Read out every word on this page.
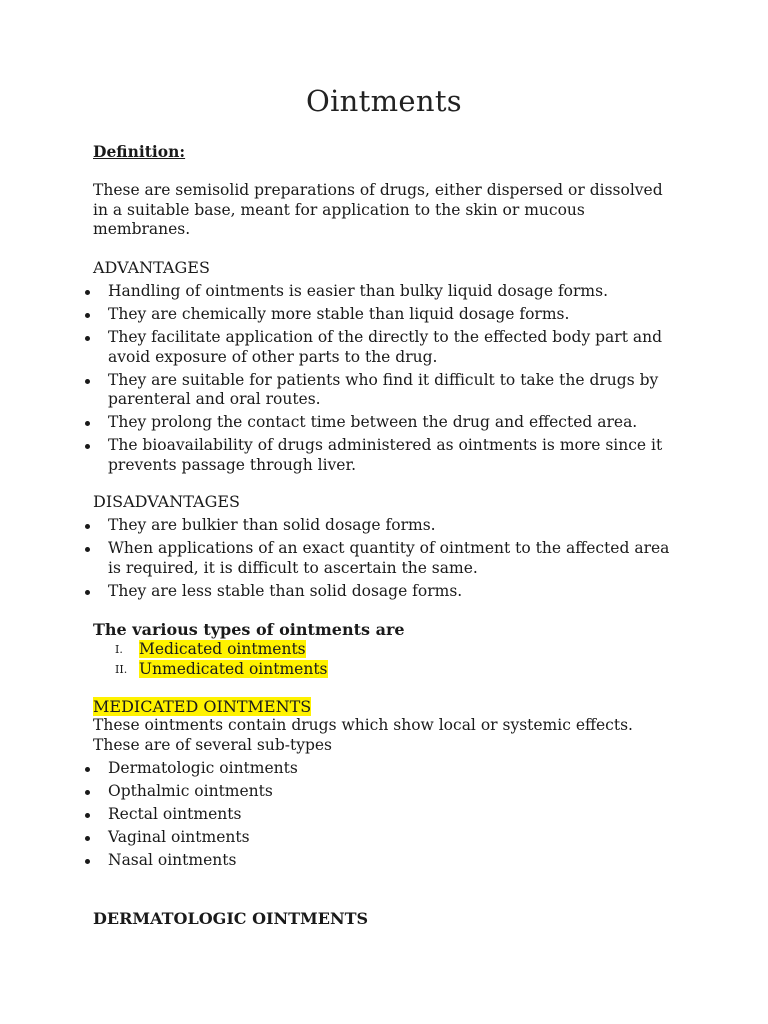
Ointments
Definition:
These are semisolid preparations of drugs, either dispersed or dissolved in a suitable base, meant for application to the skin or mucous membranes.
ADVANTAGES
Handling of ointments is easier than bulky liquid dosage forms.
They are chemically more stable than liquid dosage forms.
They facilitate application of the directly to the effected body part and avoid exposure of other parts to the drug.
They are suitable for patients who find it difficult to take the drugs by parenteral and oral routes.
They prolong the contact time between the drug and effected area.
The bioavailability of drugs administered as ointments is more since it prevents passage through liver.
DISADVANTAGES
They are bulkier than solid dosage forms.
When applications of an exact quantity of ointment to the affected area is required, it is difficult to ascertain the same.
They are less stable than solid dosage forms.
The various types of ointments are
I. Medicated ointments
II. Unmedicated ointments
MEDICATED OINTMENTS
These ointments contain drugs which show local or systemic effects.
These are of several sub-types
Dermatologic ointments
Opthalmic ointments
Rectal ointments
Vaginal ointments
Nasal ointments
DERMATOLOGIC OINTMENTS
